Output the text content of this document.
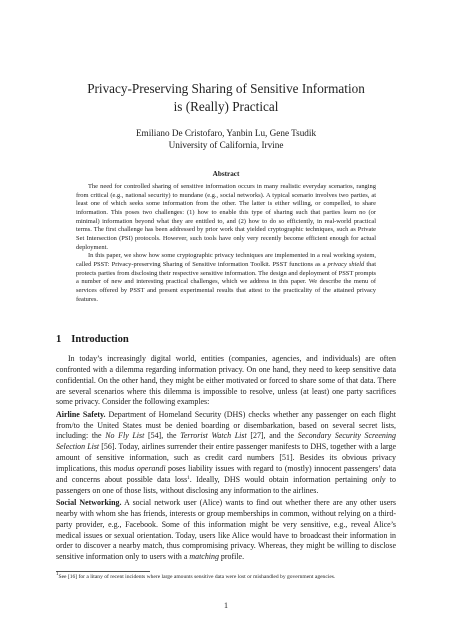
Privacy-Preserving Sharing of Sensitive Information
is (Really) Practical
Emiliano De Cristofaro, Yanbin Lu, Gene Tsudik
University of California, Irvine
Abstract

The need for controlled sharing of sensitive information occurs in many realistic everyday scenarios, ranging from critical (e.g., national security) to mundane (e.g., social networks). A typical scenario involves two parties, at least one of which seeks some information from the other. The latter is either willing, or compelled, to share information. This poses two challenges: (1) how to enable this type of sharing such that parties learn no (or minimal) information beyond what they are entitled to, and (2) how to do so efficiently, in real-world practical terms. The first challenge has been addressed by prior work that yielded cryptographic techniques, such as Private Set Intersection (PSI) protocols. However, such tools have only very recently become efficient enough for actual deployment.

In this paper, we show how some cryptographic privacy techniques are implemented in a real working system, called PSST: Privacy-preserving Sharing of Sensitive information Toolkit. PSST functions as a privacy shield that protects parties from disclosing their respective sensitive information. The design and deployment of PSST prompts a number of new and interesting practical challenges, which we address in this paper. We describe the menu of services offered by PSST and present experimental results that attest to the practicality of the attained privacy features.

1 Introduction

In today’s increasingly digital world, entities (companies, agencies, and individuals) are often confronted with a dilemma regarding information privacy. On one hand, they need to keep sensitive data confidential. On the other hand, they might be either motivated or forced to share some of that data. There are several scenarios where this dilemma is impossible to resolve, unless (at least) one party sacrifices some privacy. Consider the following examples:

Airline Safety. Department of Homeland Security (DHS) checks whether any passenger on each flight from/to the United States must be denied boarding or disembarkation, based on several secret lists, including: the No Fly List [54], the Terrorist Watch List [27], and the Secondary Security Screening Selection List [56]. Today, airlines surrender their entire passenger manifests to DHS, together with a large amount of sensitive information, such as credit card numbers [51]. Besides its obvious privacy implications, this modus operandi poses liability issues with regard to (mostly) innocent passengers’ data and concerns about possible data loss$^1$. Ideally, DHS would obtain information pertaining only to passengers on one of those lists, without disclosing any information to the airlines.

Social Networking. A social network user (Alice) wants to find out whether there are any other users nearby with whom she has friends, interests or group memberships in common, without relying on a third-party provider, e.g., Facebook. Some of this information might be very sensitive, e.g., reveal Alice’s medical issues or sexual orientation. Today, users like Alice would have to broadcast their information in order to discover a nearby match, thus compromising privacy. Whereas, they might be willing to disclose sensitive information only to users with a matching profile.

$^1$See [16] for a litany of recent incidents where large amounts sensitive data were lost or mishandled by government agencies.
1
